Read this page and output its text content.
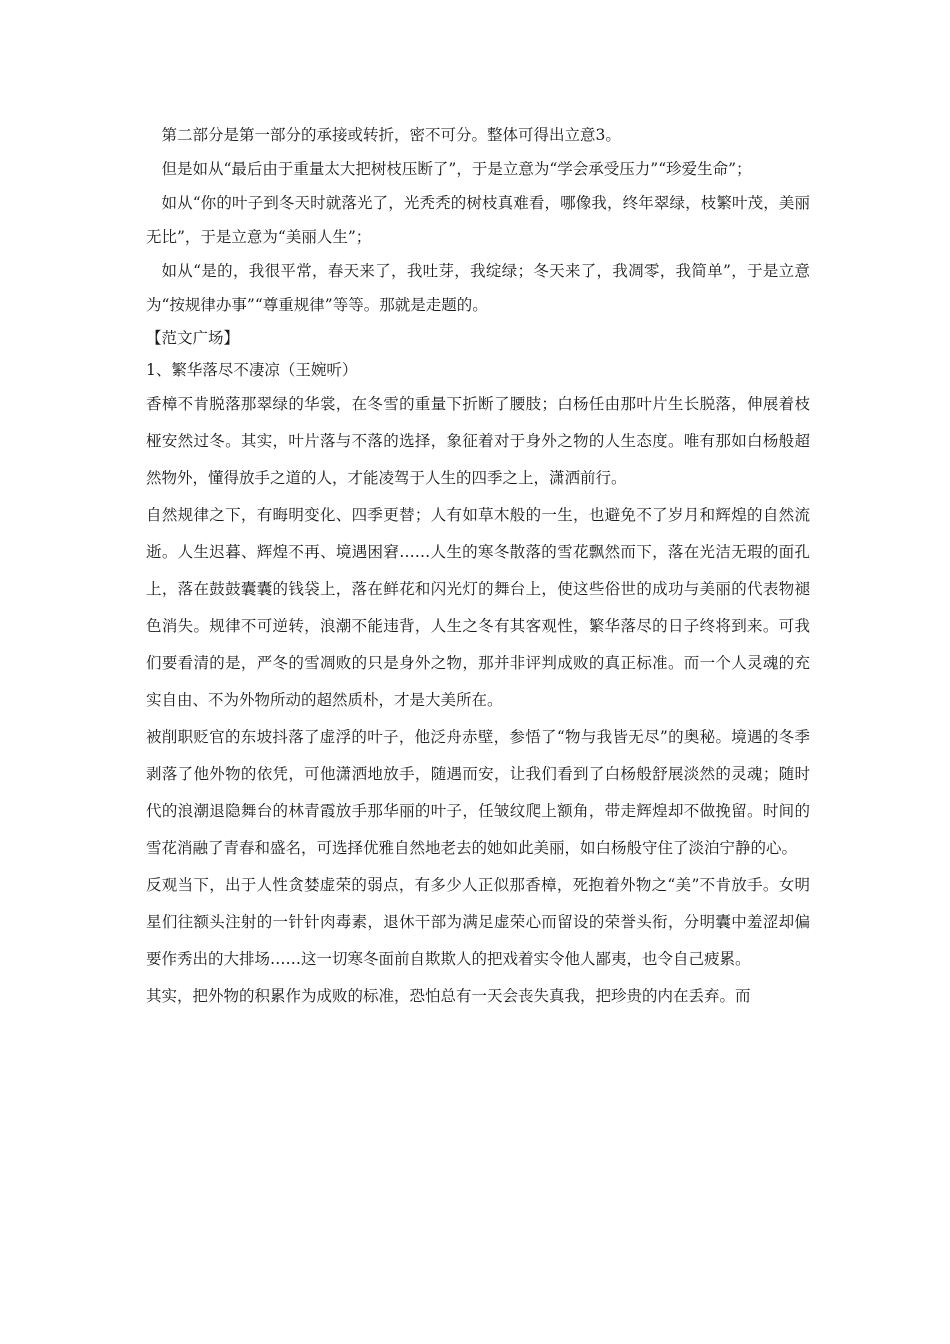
第二部分是第一部分的承接或转折，密不可分。整体可得出立意3。

但是如从“最后由于重量太大把树枝压断了”，于是立意为“学会承受压力”“珍爱生命”；

如从“你的叶子到冬天时就落光了，光秃秃的树枝真难看，哪像我，终年翠绿，枝繁叶茂，美丽无比”，于是立意为“美丽人生”；

如从“是的，我很平常，春天来了，我吐芽，我绽绿；冬天来了，我凋零，我简单”，于是立意为“按规律办事”“尊重规律”等等。那就是走题的。

【范文广场】

1、繁华落尽不凄凉（王婉听）

香樟不肯脱落那翠绿的华裳，在冬雪的重量下折断了腰肢；白杨任由那叶片生长脱落，伸展着枝桠安然过冬。其实，叶片落与不落的选择，象征着对于身外之物的人生态度。唯有那如白杨般超然物外，懂得放手之道的人，才能凌驾于人生的四季之上，潇洒前行。

自然规律之下，有晦明变化、四季更替；人有如草木般的一生，也避免不了岁月和辉煌的自然流逝。人生迟暮、辉煌不再、境遇困窘……人生的寒冬散落的雪花飘然而下，落在光洁无瑕的面孔上，落在鼓鼓囊囊的钱袋上，落在鲜花和闪光灯的舞台上，使这些俗世的成功与美丽的代表物褪色消失。规律不可逆转，浪潮不能违背，人生之冬有其客观性，繁华落尽的日子终将到来。可我们要看清的是，严冬的雪凋败的只是身外之物，那并非评判成败的真正标准。而一个人灵魂的充实自由、不为外物所动的超然质朴，才是大美所在。

被削职贬官的东坡抖落了虚浮的叶子，他泛舟赤壁，参悟了“物与我皆无尽”的奥秘。境遇的冬季剥落了他外物的依凭，可他潇洒地放手，随遇而安，让我们看到了白杨般舒展淡然的灵魂；随时代的浪潮退隐舞台的林青霞放手那华丽的叶子，任皱纹爬上额角，带走辉煌却不做挽留。时间的雪花消融了青春和盛名，可选择优雅自然地老去的她如此美丽，如白杨般守住了淡泊宁静的心。

反观当下，出于人性贪婪虚荣的弱点，有多少人正似那香樟，死抱着外物之“美”不肯放手。女明星们往额头注射的一针针肉毒素，退休干部为满足虚荣心而留设的荣誉头衔，分明囊中羞涩却偏要作秀出的大排场……这一切寒冬面前自欺欺人的把戏着实令他人鄙夷，也令自己疲累。

其实，把外物的积累作为成败的标准，恐怕总有一天会丧失真我，把珍贵的内在丢弃。而
